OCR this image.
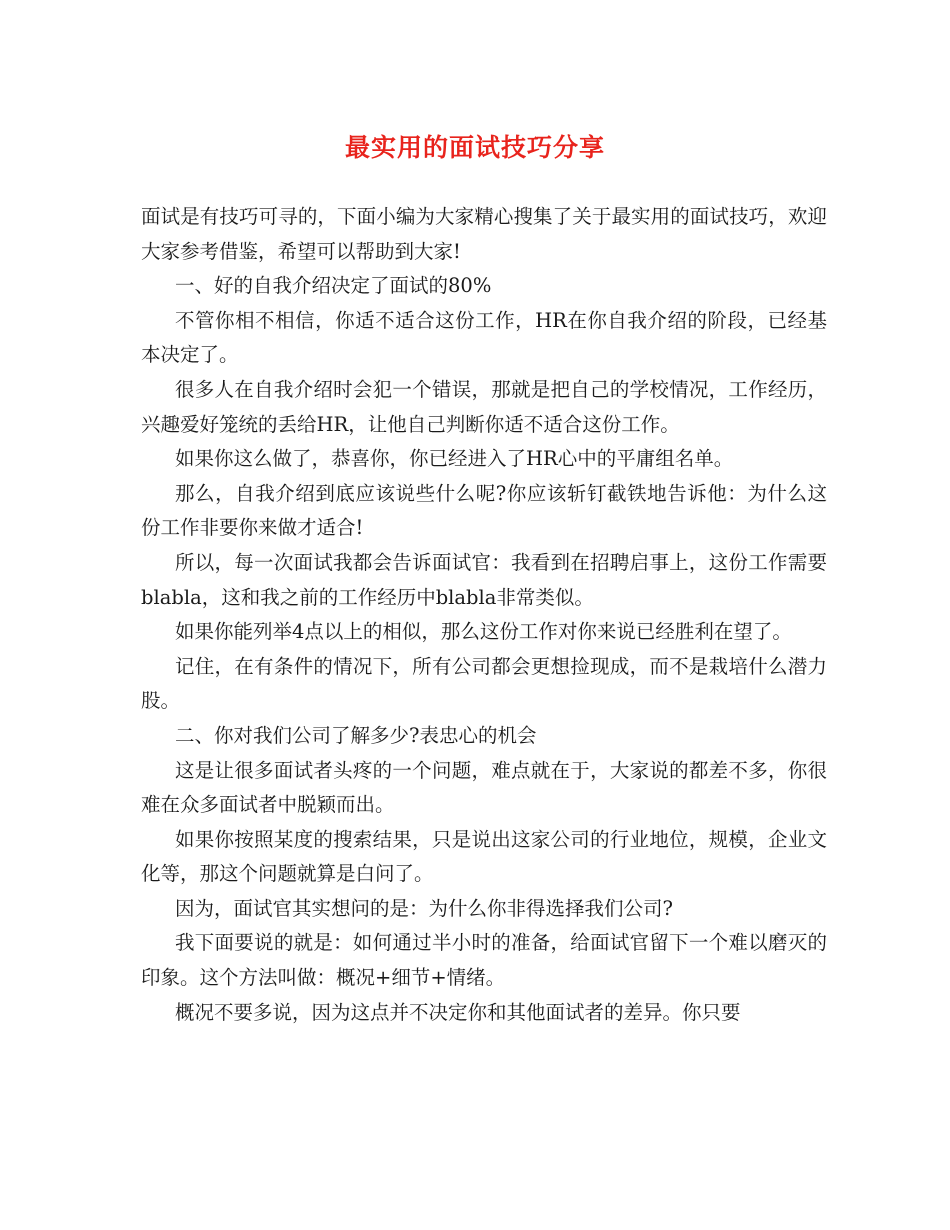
最实用的面试技巧分享

面试是有技巧可寻的，下面小编为大家精心搜集了关于最实用的面试技巧，欢迎大家参考借鉴，希望可以帮助到大家!

一、好的自我介绍决定了面试的80%

不管你相不相信，你适不适合这份工作，HR在你自我介绍的阶段，已经基本决定了。

很多人在自我介绍时会犯一个错误，那就是把自己的学校情况，工作经历，兴趣爱好笼统的丢给HR，让他自己判断你适不适合这份工作。

如果你这么做了，恭喜你，你已经进入了HR心中的平庸组名单。

那么，自我介绍到底应该说些什么呢?你应该斩钉截铁地告诉他：为什么这份工作非要你来做才适合!

所以，每一次面试我都会告诉面试官：我看到在招聘启事上，这份工作需要blabla，这和我之前的工作经历中blabla非常类似。

如果你能列举4点以上的相似，那么这份工作对你来说已经胜利在望了。

记住，在有条件的情况下，所有公司都会更想捡现成，而不是栽培什么潜力股。

二、你对我们公司了解多少?表忠心的机会

这是让很多面试者头疼的一个问题，难点就在于，大家说的都差不多，你很难在众多面试者中脱颖而出。

如果你按照某度的搜索结果，只是说出这家公司的行业地位，规模，企业文化等，那这个问题就算是白问了。

因为，面试官其实想问的是：为什么你非得选择我们公司?

我下面要说的就是：如何通过半小时的准备，给面试官留下一个难以磨灭的印象。这个方法叫做：概况+细节+情绪。

概况不要多说，因为这点并不决定你和其他面试者的差异。你只要
